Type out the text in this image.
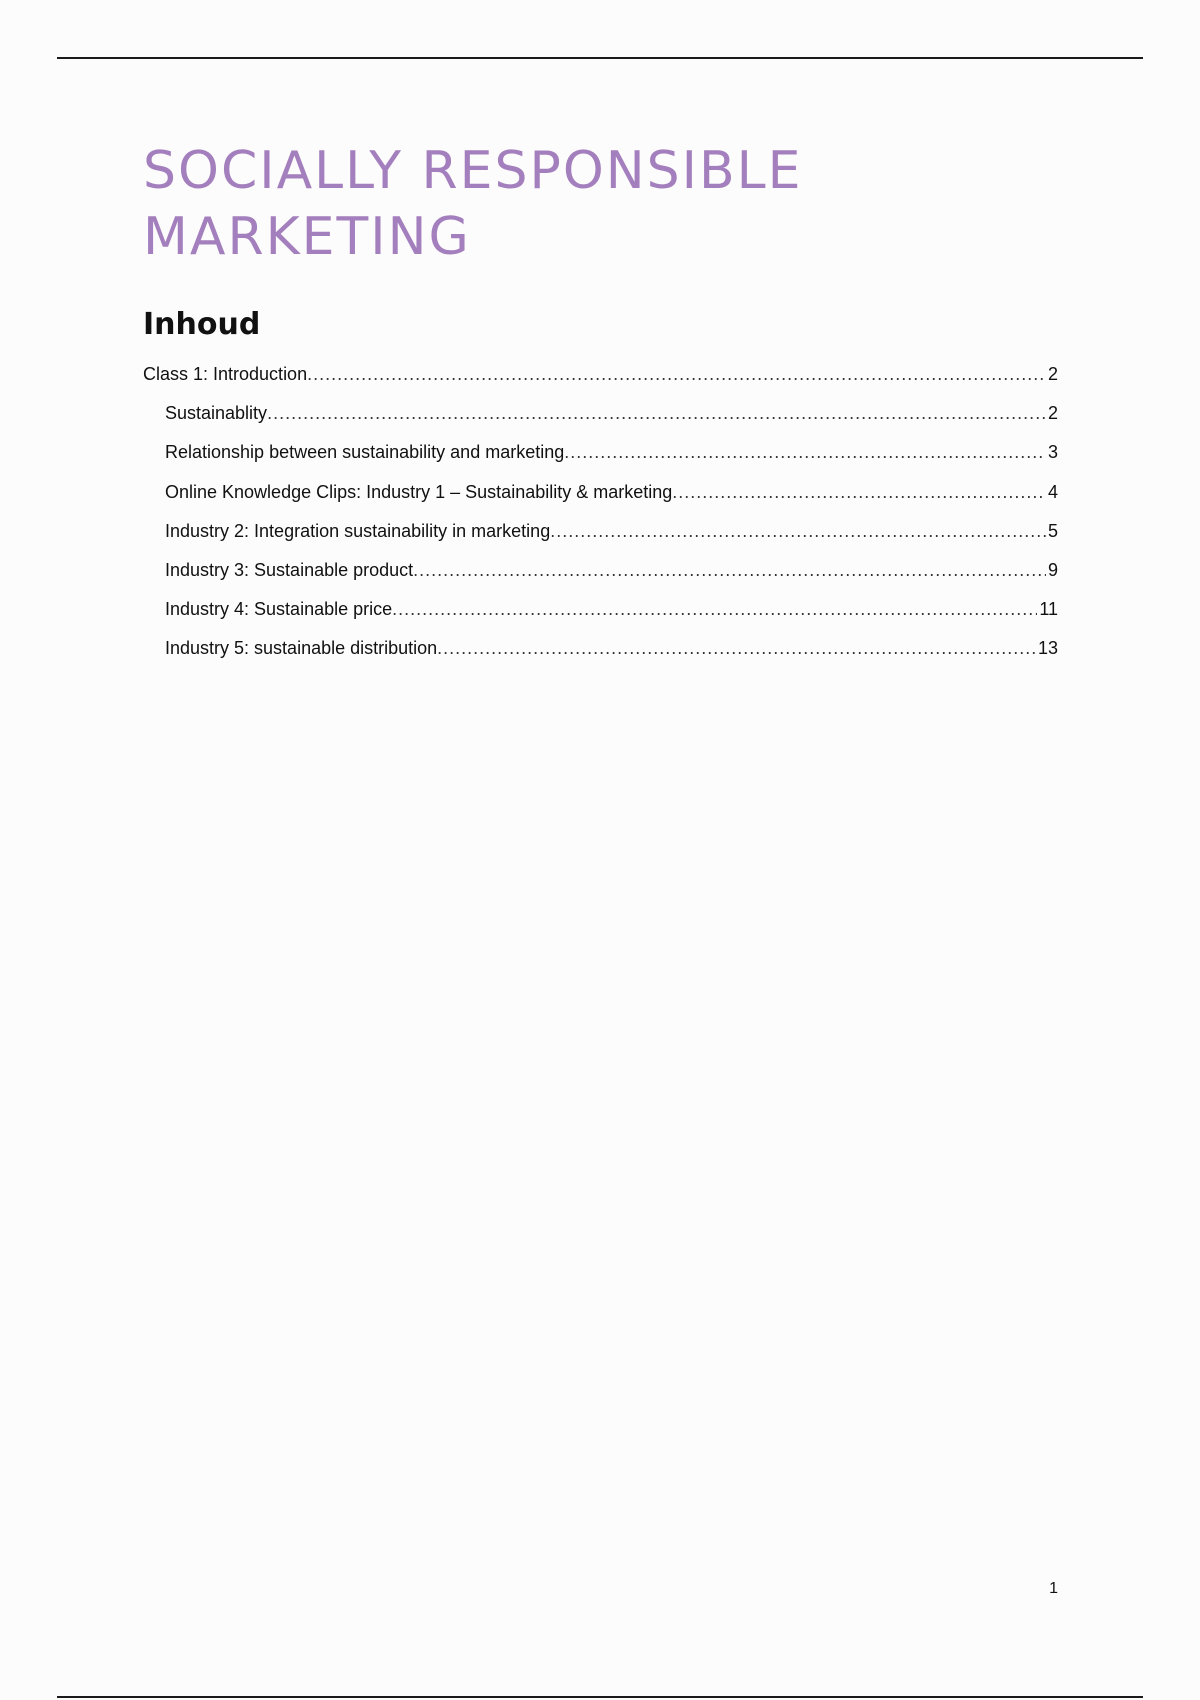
SOCIALLY RESPONSIBLE MARKETING
Inhoud
Class 1: Introduction .....	2
Sustainablity .....	2
Relationship between sustainability and marketing .....	3
Online Knowledge Clips: Industry 1 – Sustainability & marketing .....	4
Industry 2: Integration sustainability in marketing .....	5
Industry 3: Sustainable product .....	9
Industry 4: Sustainable price .....	11
Industry 5: sustainable distribution .....	13
1
